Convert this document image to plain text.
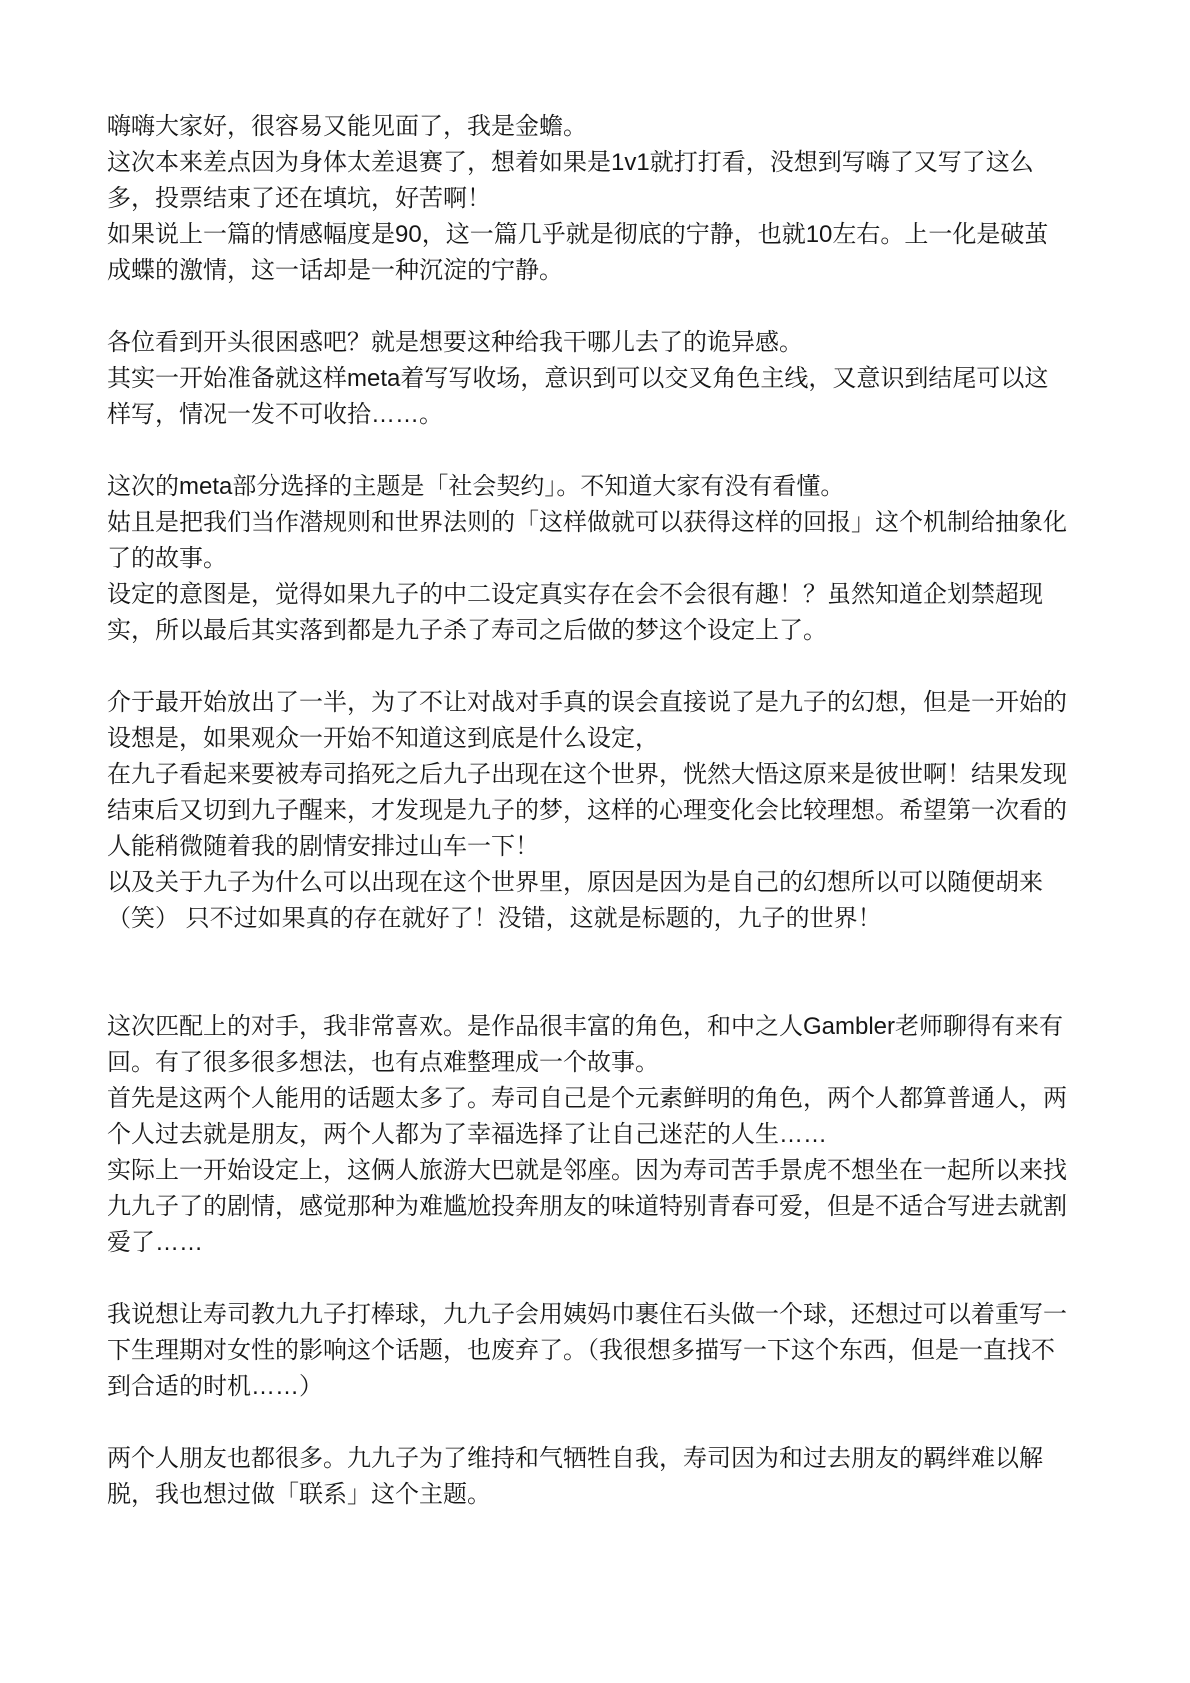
嗨嗨大家好，很容易又能见面了，我是金蟾。
这次本来差点因为身体太差退赛了，想着如果是1v1就打打看，没想到写嗨了又写了这么
多，投票结束了还在填坑，好苦啊！
如果说上一篇的情感幅度是90，这一篇几乎就是彻底的宁静，也就10左右。上一化是破茧
成蝶的激情，这一话却是一种沉淀的宁静。
各位看到开头很困惑吧？就是想要这种给我干哪儿去了的诡异感。
其实一开始准备就这样meta着写写收场，意识到可以交叉角色主线，又意识到结尾可以这
样写，情况一发不可收拾……。
这次的meta部分选择的主题是「社会契约」。不知道大家有没有看懂。
姑且是把我们当作潜规则和世界法则的「这样做就可以获得这样的回报」这个机制给抽象化
了的故事。
设定的意图是，觉得如果九子的中二设定真实存在会不会很有趣！？虽然知道企划禁超现
实，所以最后其实落到都是九子杀了寿司之后做的梦这个设定上了。
介于最开始放出了一半，为了不让对战对手真的误会直接说了是九子的幻想，但是一开始的
设想是，如果观众一开始不知道这到底是什么设定，
在九子看起来要被寿司掐死之后九子出现在这个世界，恍然大悟这原来是彼世啊！结果发现
结束后又切到九子醒来，才发现是九子的梦，这样的心理变化会比较理想。希望第一次看的
人能稍微随着我的剧情安排过山车一下！
以及关于九子为什么可以出现在这个世界里，原因是因为是自己的幻想所以可以随便胡来
（笑） 只不过如果真的存在就好了！没错，这就是标题的，九子的世界！
这次匹配上的对手，我非常喜欢。是作品很丰富的角色，和中之人Gambler老师聊得有来有
回。有了很多很多想法，也有点难整理成一个故事。
首先是这两个人能用的话题太多了。寿司自己是个元素鲜明的角色，两个人都算普通人，两
个人过去就是朋友，两个人都为了幸福选择了让自己迷茫的人生……
实际上一开始设定上，这俩人旅游大巴就是邻座。因为寿司苦手景虎不想坐在一起所以来找
九九子了的剧情，感觉那种为难尴尬投奔朋友的味道特别青春可爱，但是不适合写进去就割
爱了……
我说想让寿司教九九子打棒球，九九子会用姨妈巾裹住石头做一个球，还想过可以着重写一
下生理期对女性的影响这个话题，也废弃了。（我很想多描写一下这个东西，但是一直找不
到合适的时机……）
两个人朋友也都很多。九九子为了维持和气牺牲自我，寿司因为和过去朋友的羁绊难以解
脱，我也想过做「联系」这个主题。
